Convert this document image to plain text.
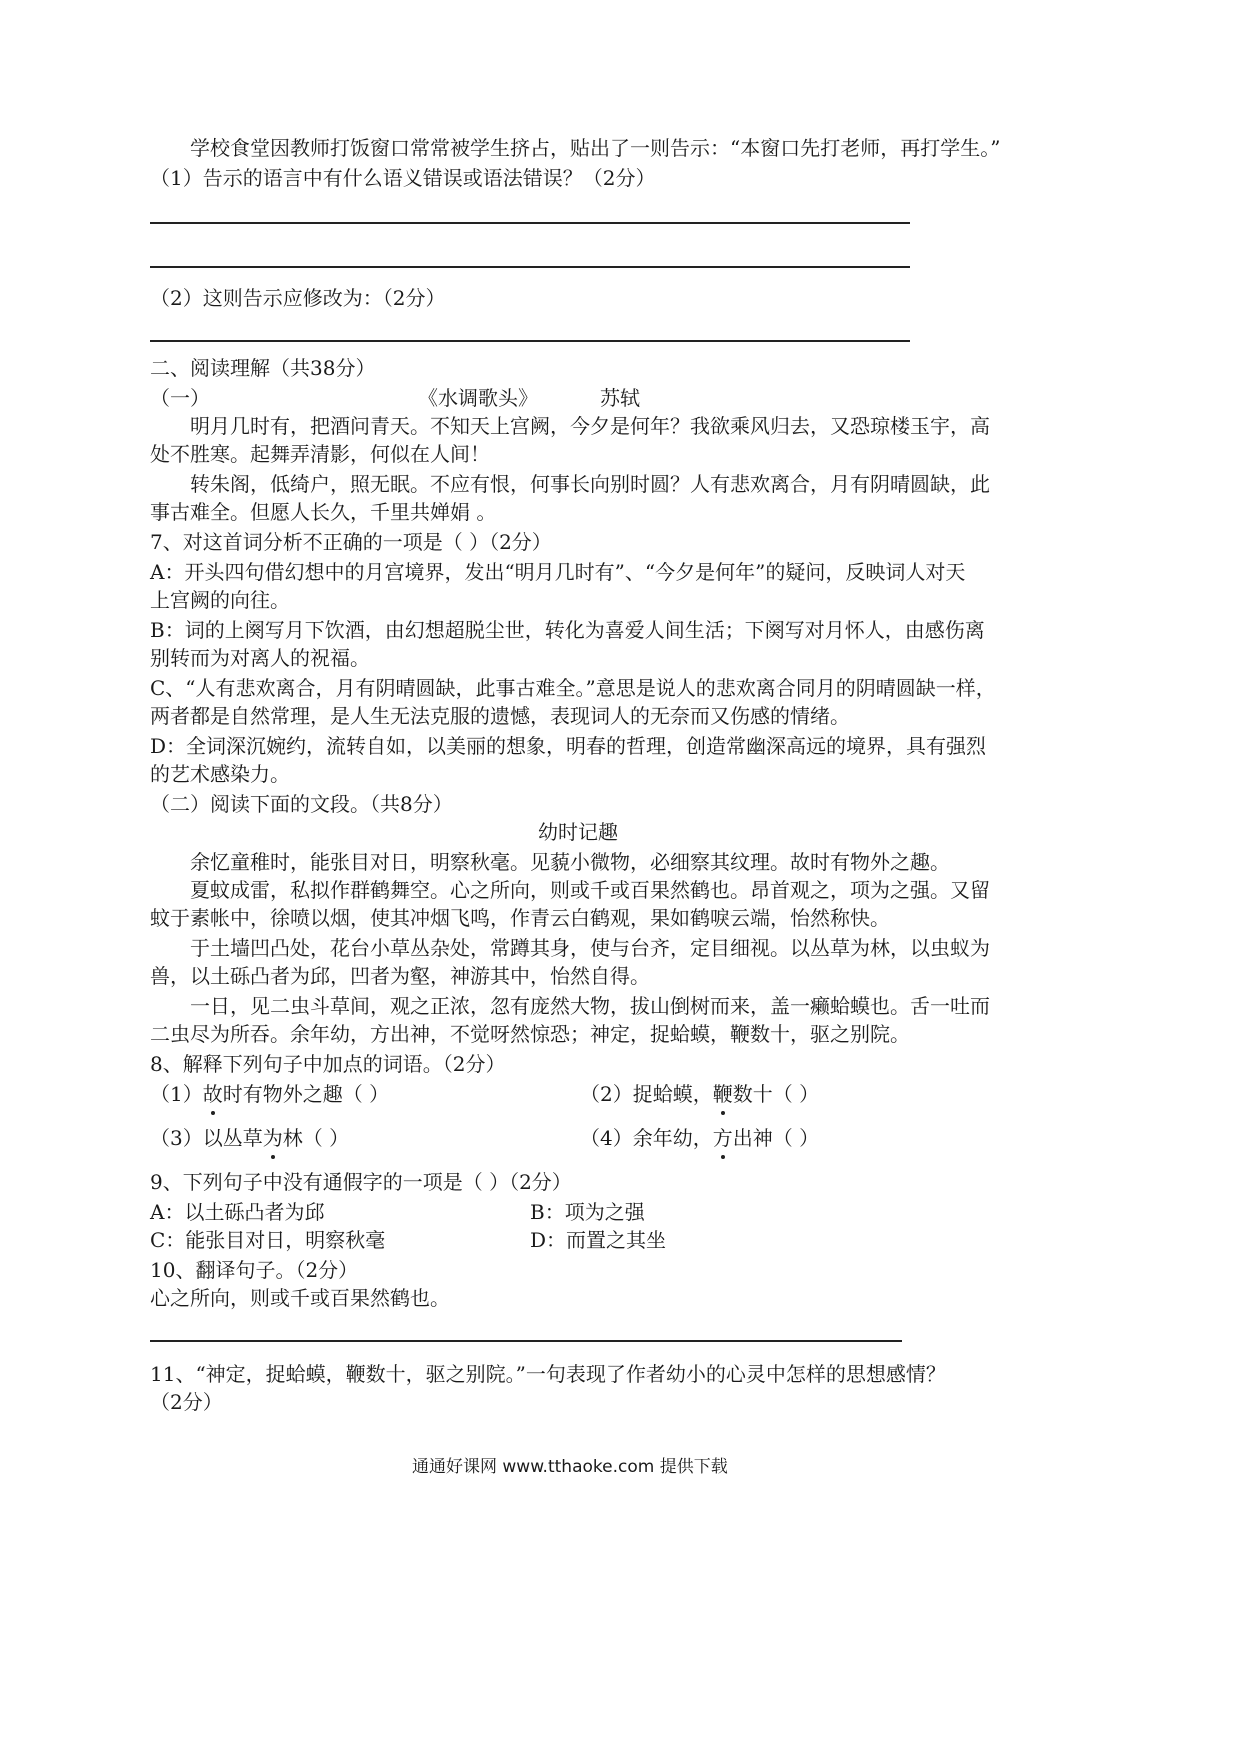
学校食堂因教师打饭窗口常常被学生挤占，贴出了一则告示：“本窗口先打老师，再打学生。”
（1）告示的语言中有什么语义错误或语法错误？（2分）
（2）这则告示应修改为：（2分）
二、阅读理解（共38分）
（一）	《水调歌头》	苏轼
明月几时有，把酒问青天。不知天上宫阙，今夕是何年？我欲乘风归去，又恐琼楼玉宇，高
处不胜寒。起舞弄清影，何似在人间！
转朱阁，低绮户，照无眠。不应有恨，何事长向别时圆？人有悲欢离合，月有阴晴圆缺，此
事古难全。但愿人长久，千里共婵娟 。
7、对这首词分析不正确的一项是（ ）（2分）
A：开头四句借幻想中的月宫境界，发出“明月几时有”、“今夕是何年”的疑问，反映词人对天
上宫阙的向往。
B：词的上阕写月下饮酒，由幻想超脱尘世，转化为喜爱人间生活；下阕写对月怀人，由感伤离
别转而为对离人的祝福。
C、“人有悲欢离合，月有阴晴圆缺，此事古难全。”意思是说人的悲欢离合同月的阴晴圆缺一样，
两者都是自然常理，是人生无法克服的遗憾，表现词人的无奈而又伤感的情绪。
D：全词深沉婉约，流转自如，以美丽的想象，明春的哲理，创造常幽深高远的境界，具有强烈
的艺术感染力。
（二）阅读下面的文段。（共8分）
幼时记趣
余忆童稚时，能张目对日，明察秋毫。见藐小微物，必细察其纹理。故时有物外之趣。
夏蚊成雷，私拟作群鹤舞空。心之所向，则或千或百果然鹤也。昂首观之，项为之强。又留
蚊于素帐中，徐喷以烟，使其冲烟飞鸣，作青云白鹤观，果如鹤唳云端，怡然称快。
于土墙凹凸处，花台小草丛杂处，常蹲其身，使与台齐，定目细视。以丛草为林，以虫蚁为
兽，以土砾凸者为邱，凹者为壑，神游其中，怡然自得。
一日，见二虫斗草间，观之正浓，忽有庞然大物，拔山倒树而来，盖一癞蛤蟆也。舌一吐而
二虫尽为所吞。余年幼，方出神，不觉呀然惊恐；神定，捉蛤蟆，鞭数十，驱之别院。
8、解释下列句子中加点的词语。（2分）
（1）故时有物外之趣（ ）	（2）捉蛤蟆，鞭数十（ ）
（3）以丛草为林（ ）	（4）余年幼，方出神（ ）
9、下列句子中没有通假字的一项是（ ）（2分）
A：以土砾凸者为邱	B：项为之强
C：能张目对日，明察秋毫	D：而置之其坐
10、翻译句子。（2分）
心之所向，则或千或百果然鹤也。
11、“神定，捉蛤蟆，鞭数十，驱之别院。”一句表现了作者幼小的心灵中怎样的思想感情？
（2分）
通通好课网 www.tthaoke.com 提供下载
